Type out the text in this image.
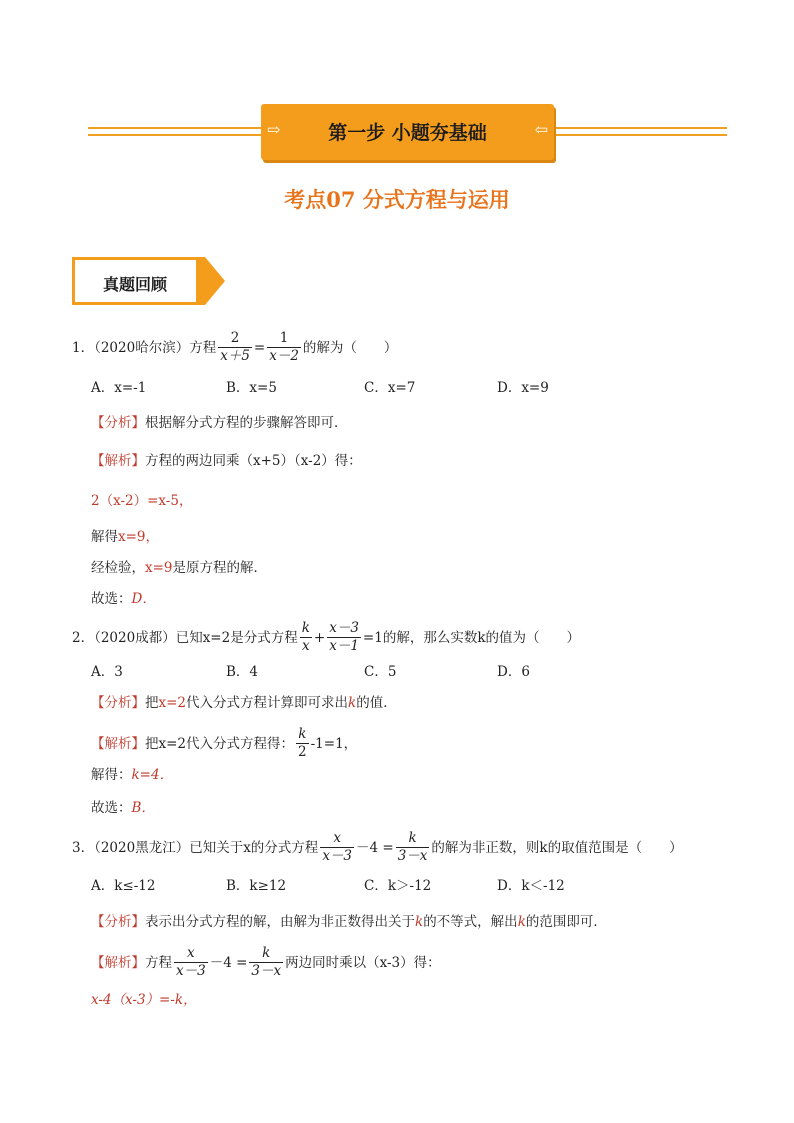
⇨	第一步 小题夯基础	⇦
考点07 分式方程与运用
真题回顾
1．（2020哈尔滨）方程 $\frac{2}{x+5} = \frac{1}{x-2}$ 的解为（　　）
A．x=-1	B．x=5	C．x=7	D．x=9
【分析】根据解分式方程的步骤解答即可．
【解析】方程的两边同乘（x+5）（x-2）得：
2（x-2）=x-5，
解得x=9，
经检验，x=9是原方程的解．
故选：D．
2．（2020成都）已知x=2是分式方程 $\frac{k}{x} + \frac{x-3}{x-1} =1$ 的解，那么实数k的值为（　　）
A．3	B．4	C．5	D．6
【分析】把x=2代入分式方程计算即可求出k的值．
【解析】 把x=2代入分式方程得： $\frac{k}{2} -1=1$，
解得：k=4．
故选：B．
3．（2020黑龙江）已知关于x的分式方程 $\frac{x}{x-3} -4 = \frac{k}{3-x}$ 的解为非正数，则k的取值范围是（　　）
A．k≤-12	B．k≥12	C．k＞-12	D．k＜-12
【分析】表示出分式方程的解，由解为非正数得出关于k的不等式，解出k的范围即可．
【解析】 方程 $\frac{x}{x-3} -4 = \frac{k}{3-x}$ 两边同时乘以（x-3）得：
x-4（x-3）=-k，
